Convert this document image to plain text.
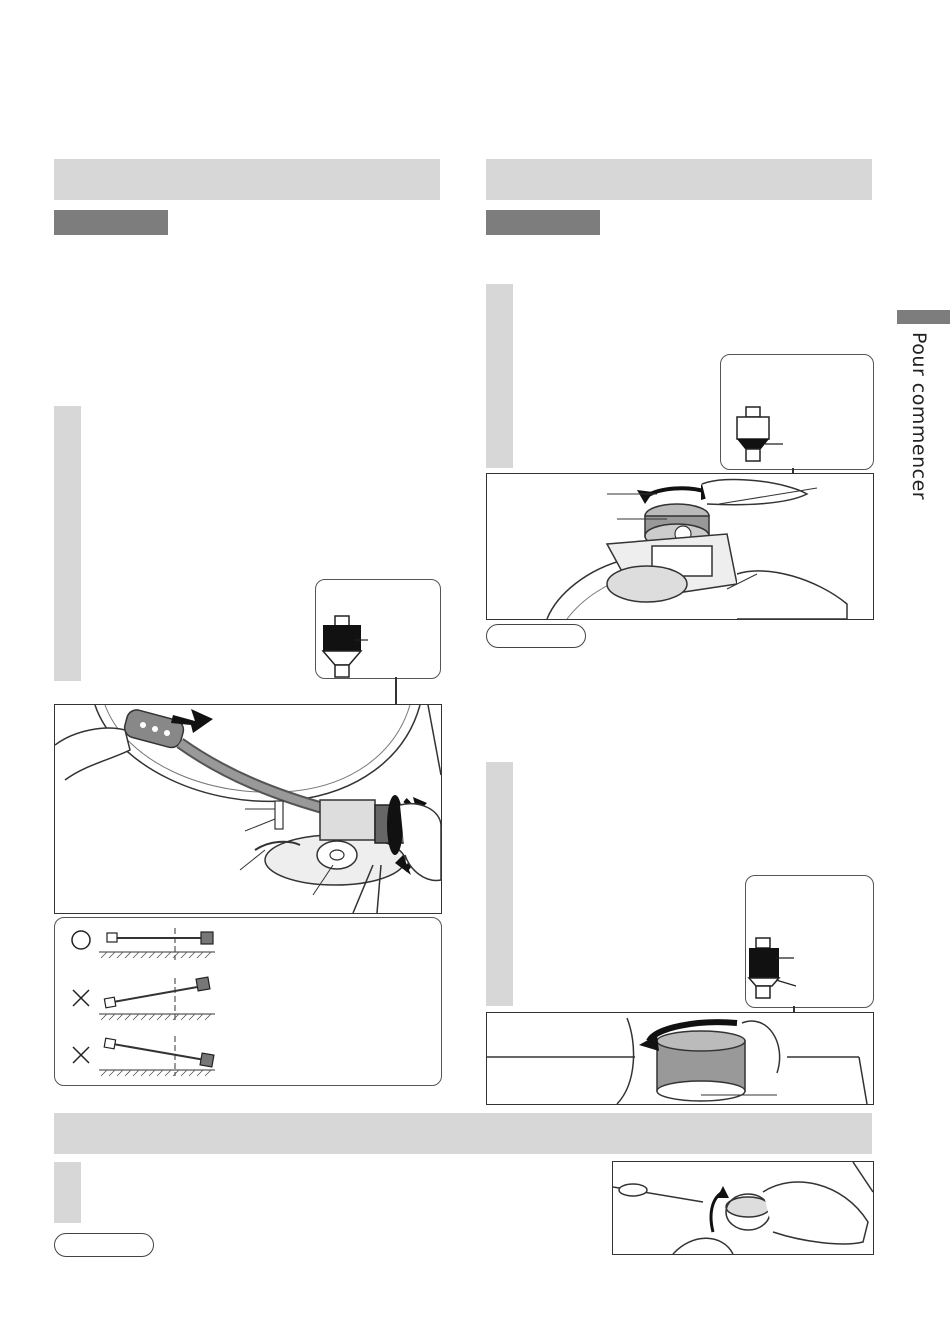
Pour commencer
